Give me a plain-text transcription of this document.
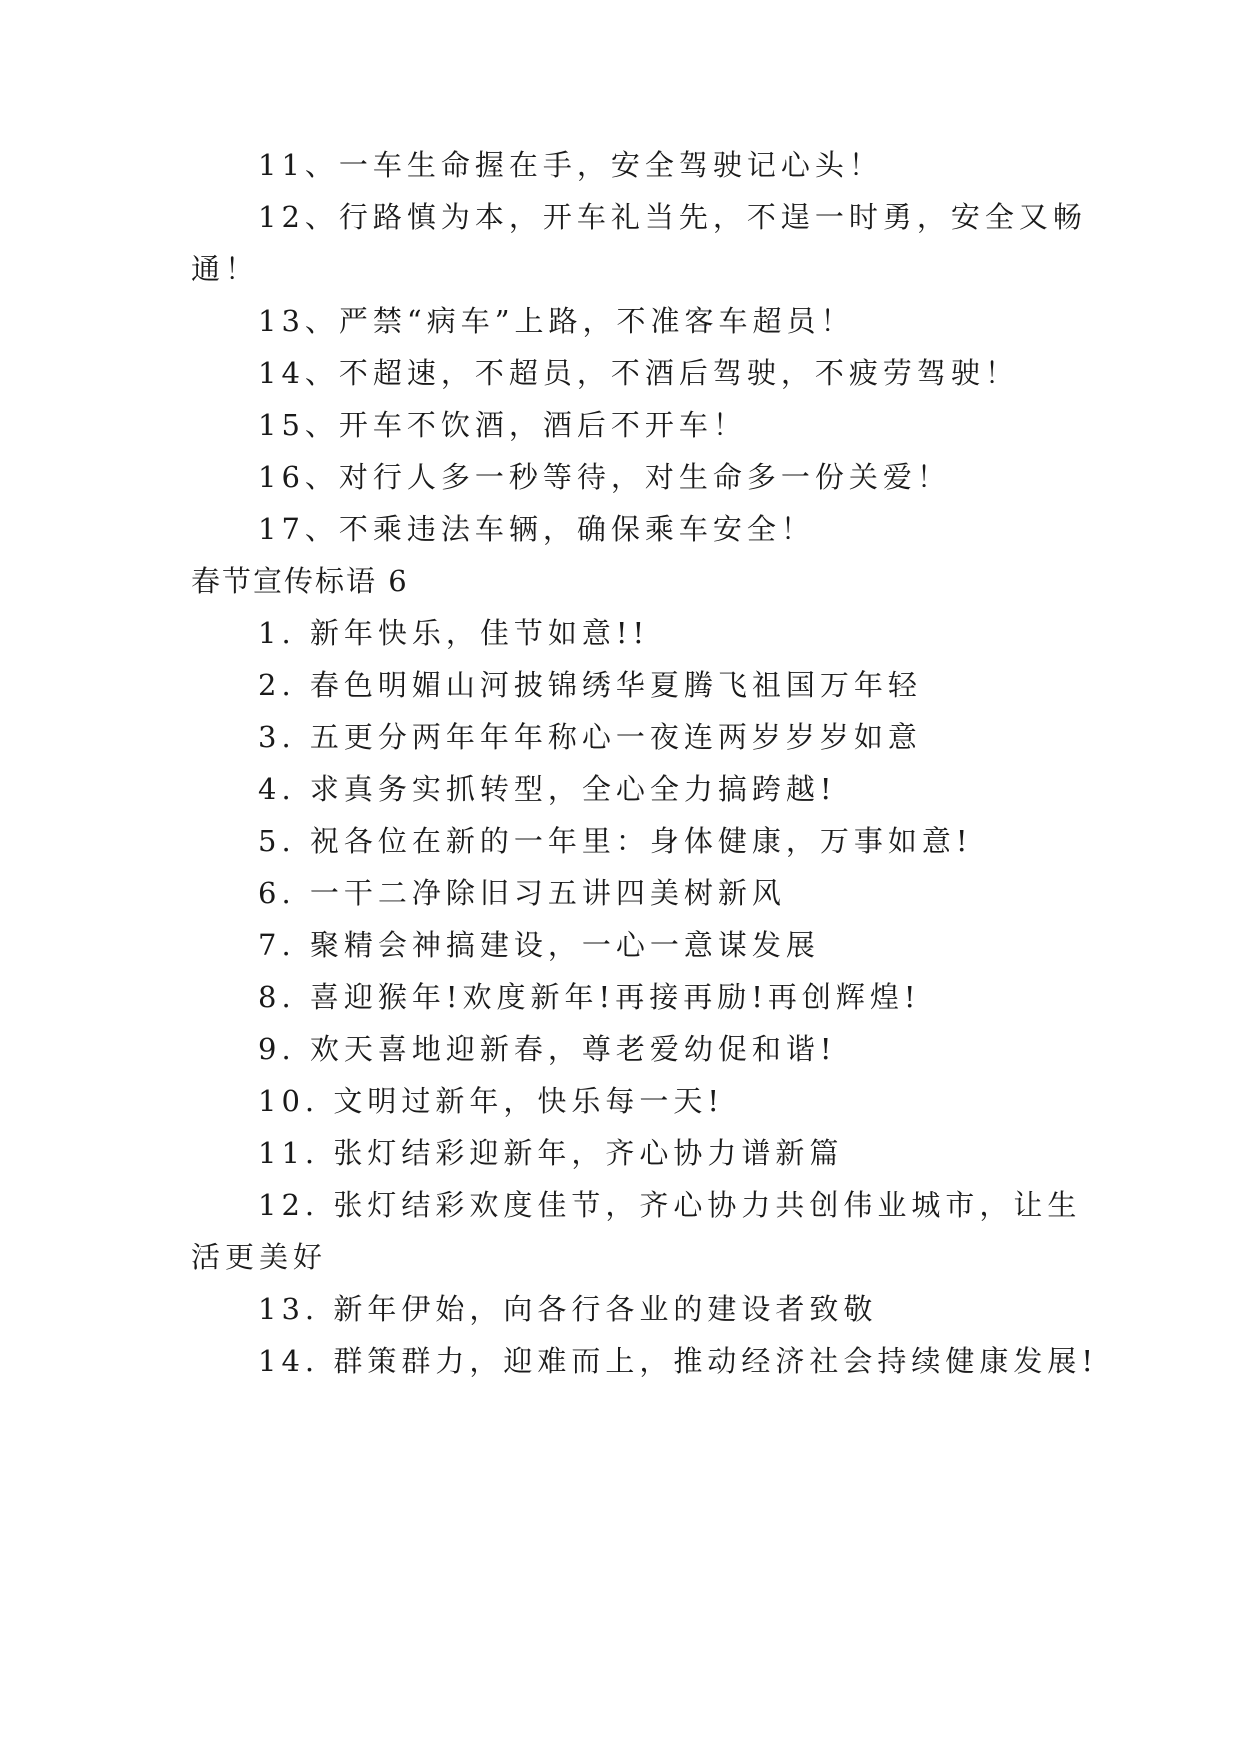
11、一车生命握在手，安全驾驶记心头！
12、行路慎为本，开车礼当先，不逞一时勇，安全又畅
通！
13、严禁“病车”上路，不准客车超员！
14、不超速，不超员，不酒后驾驶，不疲劳驾驶！
15、开车不饮酒，酒后不开车！
16、对行人多一秒等待，对生命多一份关爱！
17、不乘违法车辆，确保乘车安全！
春节宣传标语 6
1. 新年快乐，佳节如意!!
2. 春色明媚山河披锦绣华夏腾飞祖国万年轻
3. 五更分两年年年称心一夜连两岁岁岁如意
4. 求真务实抓转型，全心全力搞跨越!
5. 祝各位在新的一年里：身体健康，万事如意!
6. 一干二净除旧习五讲四美树新风
7. 聚精会神搞建设，一心一意谋发展
8. 喜迎猴年!欢度新年!再接再励!再创辉煌!
9. 欢天喜地迎新春，尊老爱幼促和谐!
10. 文明过新年，快乐每一天!
11. 张灯结彩迎新年，齐心协力谱新篇
12. 张灯结彩欢度佳节，齐心协力共创伟业城市，让生
活更美好
13. 新年伊始，向各行各业的建设者致敬
14. 群策群力，迎难而上，推动经济社会持续健康发展!
